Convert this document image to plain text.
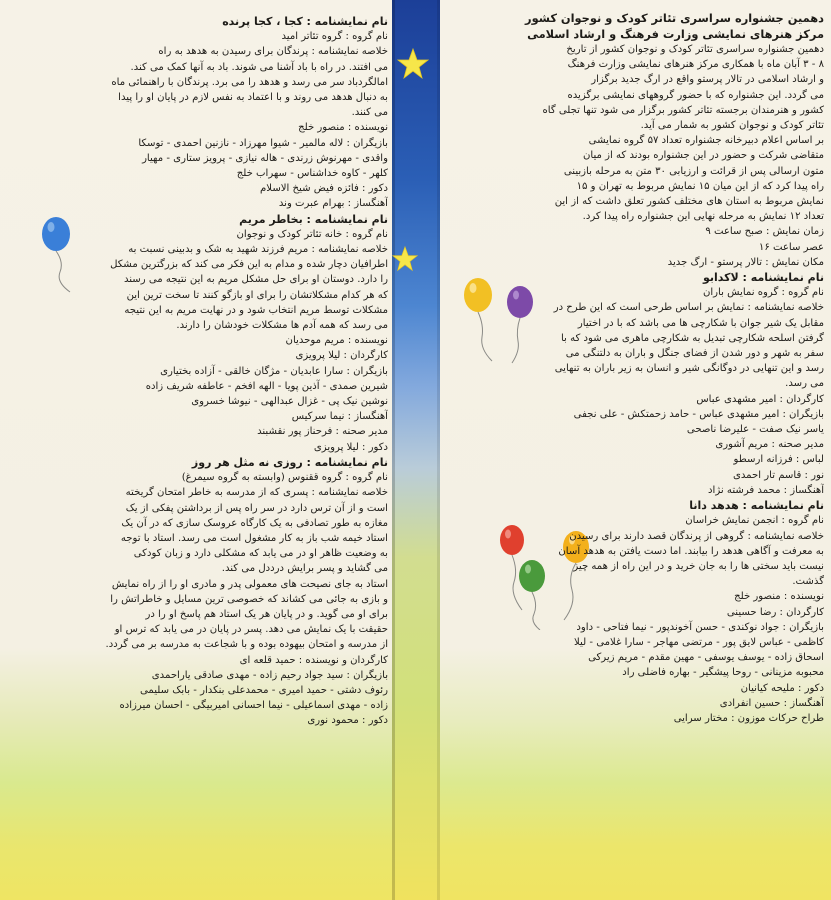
نام نمایشنامه : کجا ، کجا پرنده

نام گروه : گروه تئاتر امید

خلاصه نمایشنامه : پرندگان برای رسیدن به هدهد به راه

می افتند. در راه با باد آشنا می شوند. باد به آنها کمک می کند.

امالگردباد سر می رسد و هدهد را می برد. پرندگان با راهنمائی ماه

به دنبال هدهد می روند و با اعتماد به نفس لازم در پایان او را پیدا

می کنند.

نویسنده : منصور خلج

بازیگران : لاله مالمیر - شیوا مهرزاد - نازنین احمدی - توسکا

واقدی - مهرنوش زرندی - هاله نیازی - پرویز ستاری - مهیار

کلهر - کاوه خداشناس - سهراب خلج

دکور : فائزه فیض شیخ الاسلام

آهنگساز : بهرام عبرت وند

نام نمایشنامه : بخاطر مریم

نام گروه : خانه تئاتر کودک و نوجوان

خلاصه نمایشنامه : مریم فرزند شهید به شک و بدبینی نسبت به

اطرافیان دچار شده و مدام به این فکر می کند که بزرگترین مشکل

را دارد. دوستان او برای حل مشکل مریم به این نتیجه می رسند

که هر کدام مشکلاتشان را برای او بازگو کنند تا سخت ترین این

مشکلات توسط مریم انتخاب شود و در نهایت مریم به این نتیجه

می رسد که همه آدم ها مشکلات خودشان را دارند.

نویسنده : مریم موحدیان

کارگردان : لیلا پرویزی

بازیگران : سارا عابدیان - مژگان خالقی - آزاده بختیاری

شیرین صمدی - آذین پویا - الهه افخم - عاطفه شریف زاده

نوشین نیک پی - غزال عبدالهی - نیوشا خسروی

آهنگساز : نیما سرکیس

مدیر صحنه : فرحناز پور نقشبند

دکور : لیلا پرویزی

نام نمایشنامه : روزی نه مثل هر روز

نام گروه : گروه ققنوس (وابسته به گروه سیمرغ)

خلاصه نمایشنامه : پسری که از مدرسه به خاطر امتحان گریخته

است و از آن ترس دارد در سر راه پس از برداشتن پفکی از یک

مغازه به طور تصادفی به یک کارگاه عروسک سازی که در آن یک

استاد خیمه شب باز به کار مشغول است می رسد. استاد با توجه

به وضعیت ظاهر او در می یابد که مشکلی دارد و زبان کودکی

می گشاید و پسر برایش درددل می کند.

استاد به جای نصیحت های معمولی پدر و مادری او را از راه نمایش

و بازی به جائی می کشاند که خصوصی ترین مسایل و خاطراتش را

برای او می گوید. و در پایان هر یک استاد هم پاسخ او را در

حقیقت با یک نمایش می دهد. پسر در پایان در می یابد که ترس او

از مدرسه و امتحان بیهوده بوده و با شجاعت به مدرسه بر می گردد.

کارگردان و نویسنده : حمید قلعه ای

بازیگران : سید جواد رحیم زاده - مهدی صادقی یاراحمدی

رئوف دشتی - حمید امیری - محمدعلی بنکدار - بابک سلیمی

زاده - مهدی اسماعیلی - نیما احسانی امیربیگی - احسان میرزاده

دکور : محمود نوری

دهمین جشنواره سراسری تئاتر کودک و نوجوان کشور

مرکز هنرهای نمایشی وزارت فرهنگ و ارشاد اسلامی

دهمین جشنواره سراسری تئاتر کودک و نوجوان کشور از تاریخ

۸ - ۳ آبان ماه با همکاری مرکز هنرهای نمایشی وزارت فرهنگ

و ارشاد اسلامی در تالار پرستو واقع در ارگ جدید برگزار

می گردد. این جشنواره که با حضور گروههای نمایشی برگزیده

کشور و هنرمندان برجسته تئاتر کشور برگزار می شود تنها تجلی گاه

تئاتر کودک و نوجوان کشور به شمار می آید.

بر اساس اعلام دبیرخانه جشنواره تعداد ۵۷ گروه نمایشی

متقاضی شرکت و حضور در این جشنواره بودند که از میان

متون ارسالی پس از قرائت و ارزیابی ۳۰ متن به مرحله بازبینی

راه پیدا کرد که از این میان ۱۵ نمایش مربوط به تهران و ۱۵

نمایش مربوط به استان های مختلف کشور تعلق داشت که از این

تعداد ۱۲ نمایش به مرحله نهایی این جشنواره راه پیدا کرد.

زمان نمایش : صبح ساعت ۹

عصر ساعت ۱۶

مکان نمایش : تالار پرستو - ارگ جدید

نام نمایشنامه : لاکدابو

نام گروه : گروه نمایش باران

خلاصه نمایشنامه : نمایش بر اساس طرحی است که این طرح در

مقابل یک شیر جوان با شکارچی ها می باشد که با در اختیار

گرفتن اسلحه شکارچی تبدیل به شکارچی ماهری می شود که با

سفر به شهر و دور شدن از فضای جنگل و باران به دلتنگی می

رسد و این تنهایی در دوگانگی شیر و انسان به زیر باران به تنهایی

می رسد.

کارگردان : امیر مشهدی عباس

بازیگران : امیر مشهدی عباس - حامد زحمتکش - علی نجفی

یاسر نیک صفت - علیرضا ناصحی

مدیر صحنه : مریم آشوری

لباس : فرزانه ارسطو

نور : قاسم تار احمدی

آهنگساز : محمد فرشته نژاد

نام نمایشنامه : هدهد دانا

نام گروه : انجمن نمایش خراسان

خلاصه نمایشنامه : گروهی از پرندگان قصد دارند برای رسیدن

به معرفت و آگاهی هدهد را بیابند. اما دست یافتن به هدهد آسان

نیست باید سختی ها را به جان خرید و در این راه از همه چیز

گذشت.

نویسنده : منصور خلج

کارگردان : رضا حسینی

بازیگران : جواد نوکندی - حسن آخوندپور - نیما فتاحی - داود

کاظمی - عباس لایق پور - مرتضی مهاجر - سارا غلامی - لیلا

اسحاق زاده - یوسف یوسفی - مهین مقدم - مریم زیرکی

محبوبه مزینانی - روحا پیشگیر - بهاره فاضلی راد

دکور : ملیحه کیانیان

آهنگساز : حسین انفرادی

طراح حرکات موزون : مختار سرایی
